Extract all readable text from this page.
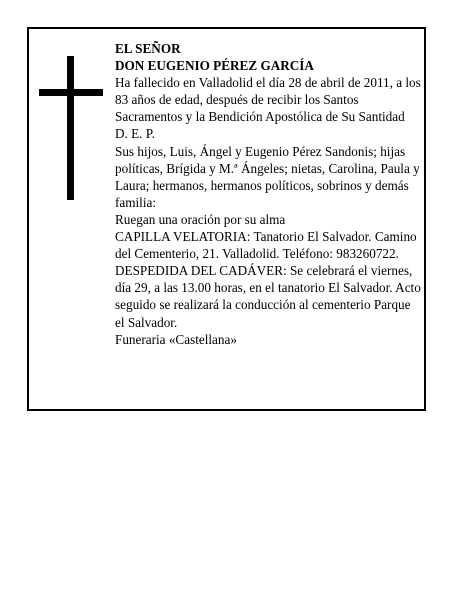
EL SEÑOR

DON EUGENIO PÉREZ GARCÍA

Ha fallecido en Valladolid el día 28 de abril de 2011, a los 83 años de edad, después de recibir los Santos Sacramentos y la Bendición Apostólica de Su Santidad

D. E. P.

Sus hijos, Luis, Ángel y Eugenio Pérez Sandonis; hijas políticas, Brígida y M.ª Ángeles; nietas, Carolina, Paula y Laura; hermanos, hermanos políticos, sobrinos y demás familia:

Ruegan una oración por su alma

CAPILLA VELATORIA: Tanatorio El Salvador. Camino del Cementerio, 21. Valladolid. Teléfono: 983260722.

DESPEDIDA DEL CADÁVER: Se celebrará el viernes, día 29, a las 13.00 horas, en el tanatorio El Salvador. Acto seguido se realizará la conducción al cementerio Parque el Salvador.

Funeraria «Castellana»
